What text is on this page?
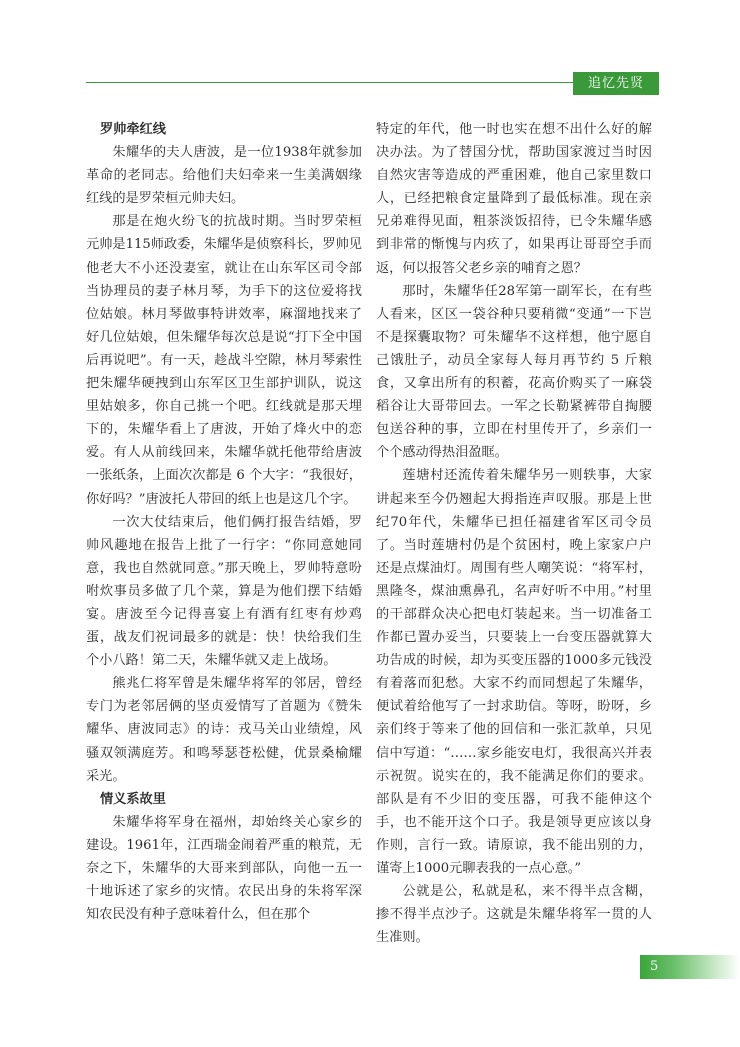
追忆先贤
罗帅牵红线

朱耀华的夫人唐波，是一位1938年就参加革命的老同志。给他们夫妇牵来一生美满姻缘红线的是罗荣桓元帅夫妇。

那是在炮火纷飞的抗战时期。当时罗荣桓元帅是115师政委，朱耀华是侦察科长，罗帅见他老大不小还没妻室，就让在山东军区司令部当协理员的妻子林月琴，为手下的这位爱将找位姑娘。林月琴做事特讲效率，麻溜地找来了好几位姑娘，但朱耀华每次总是说“打下全中国后再说吧”。有一天，趁战斗空隙，林月琴索性把朱耀华硬拽到山东军区卫生部护训队，说这里姑娘多，你自己挑一个吧。红线就是那天埋下的，朱耀华看上了唐波，开始了烽火中的恋爱。有人从前线回来，朱耀华就托他带给唐波一张纸条，上面次次都是 6 个大字：“我很好，你好吗？”唐波托人带回的纸上也是这几个字。

一次大仗结束后，他们俩打报告结婚，罗帅风趣地在报告上批了一行字：“你同意她同意，我也自然就同意。”那天晚上，罗帅特意吩咐炊事员多做了几个菜，算是为他们摆下结婚宴。唐波至今记得喜宴上有酒有红枣有炒鸡蛋，战友们祝词最多的就是：快！快给我们生个小八路！第二天，朱耀华就又走上战场。

熊兆仁将军曾是朱耀华将军的邻居，曾经专门为老邻居俩的坚贞爱情写了首题为《赞朱耀华、唐波同志》的诗：戎马关山业绩煌，风骚双领满庭芳。和鸣琴瑟苍松健，优景桑榆耀采光。

情义系故里

朱耀华将军身在福州，却始终关心家乡的建设。1961年，江西瑞金闹着严重的粮荒，无奈之下，朱耀华的大哥来到部队，向他一五一十地诉述了家乡的灾情。农民出身的朱将军深知农民没有种子意味着什么，但在那个

特定的年代，他一时也实在想不出什么好的解决办法。为了替国分忧，帮助国家渡过当时因自然灾害等造成的严重困难，他自己家里数口人，已经把粮食定量降到了最低标准。现在亲兄弟难得见面，粗茶淡饭招待，已令朱耀华感到非常的惭愧与内疚了，如果再让哥哥空手而返，何以报答父老乡亲的哺育之恩？

那时，朱耀华任28军第一副军长，在有些人看来，区区一袋谷种只要稍微“变通”一下岂不是探囊取物？可朱耀华不这样想，他宁愿自己饿肚子，动员全家每人每月再节约 5 斤粮食，又拿出所有的积蓄，花高价购买了一麻袋稻谷让大哥带回去。一军之长勒紧裤带自掏腰包送谷种的事，立即在村里传开了，乡亲们一个个感动得热泪盈眶。

莲塘村还流传着朱耀华另一则轶事，大家讲起来至今仍翘起大拇指连声叹服。那是上世纪70年代，朱耀华已担任福建省军区司令员了。当时莲塘村仍是个贫困村，晚上家家户户还是点煤油灯。周围有些人嘲笑说：“将军村，黑隆冬，煤油熏鼻孔，名声好听不中用。”村里的干部群众决心把电灯装起来。当一切准备工作都已置办妥当，只要装上一台变压器就算大功告成的时候，却为买变压器的1000多元钱没有着落而犯愁。大家不约而同想起了朱耀华，便试着给他写了一封求助信。等呀，盼呀，乡亲们终于等来了他的回信和一张汇款单，只见信中写道：“……家乡能安电灯，我很高兴并表示祝贺。说实在的，我不能满足你们的要求。部队是有不少旧的变压器，可我不能伸这个手，也不能开这个口子。我是领导更应该以身作则，言行一致。请原谅，我不能出别的力，谨寄上1000元聊表我的一点心意。”

公就是公，私就是私，来不得半点含糊，掺不得半点沙子。这就是朱耀华将军一贯的人生准则。

5
